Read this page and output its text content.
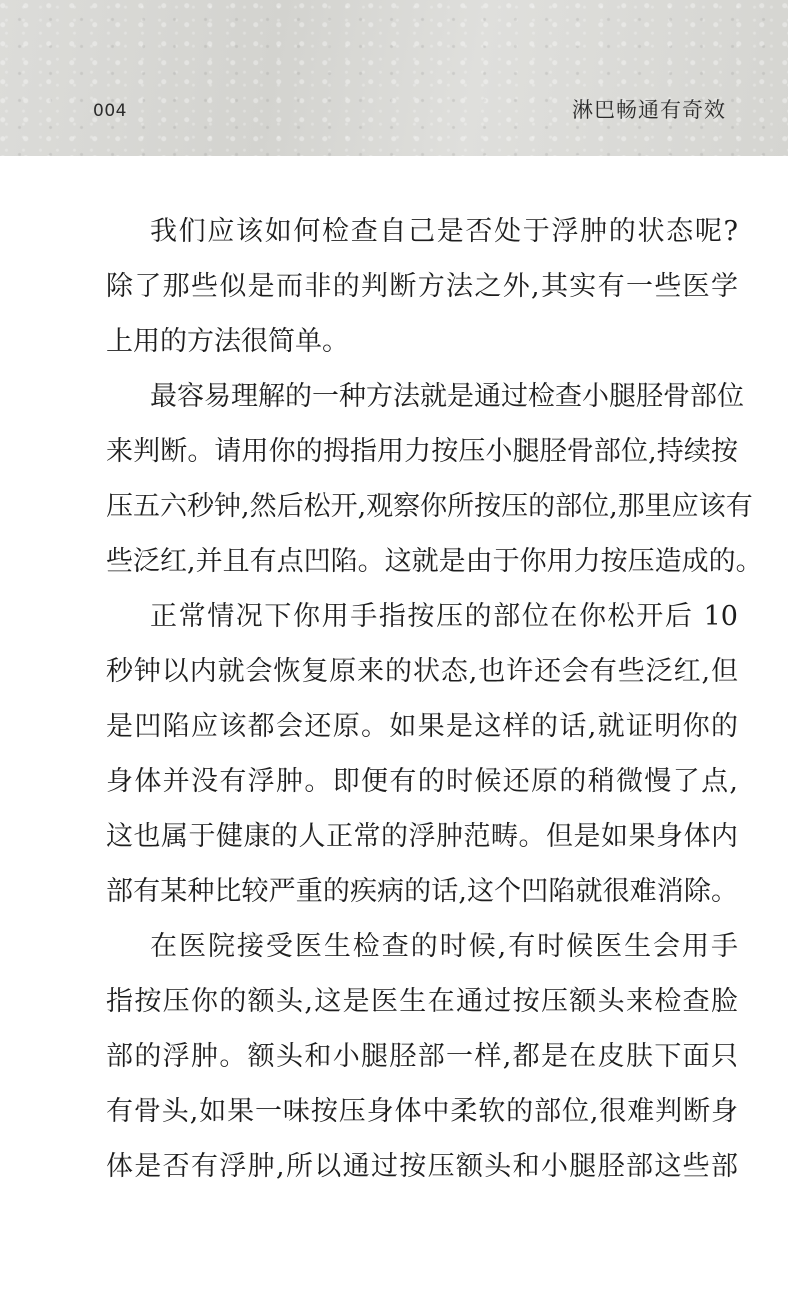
004	淋巴畅通有奇效
我们应该如何检查自己是否处于浮肿的状态呢?
除了那些似是而非的判断方法之外,其实有一些医学
上用的方法很简单。
最容易理解的一种方法就是通过检查小腿胫骨部位
来判断。请用你的拇指用力按压小腿胫骨部位,持续按
压五六秒钟,然后松开,观察你所按压的部位,那里应该有
些泛红,并且有点凹陷。这就是由于你用力按压造成的。
正常情况下你用手指按压的部位在你松开后 10
秒钟以内就会恢复原来的状态,也许还会有些泛红,但
是凹陷应该都会还原。如果是这样的话,就证明你的
身体并没有浮肿。即便有的时候还原的稍微慢了点,
这也属于健康的人正常的浮肿范畴。但是如果身体内
部有某种比较严重的疾病的话,这个凹陷就很难消除。
在医院接受医生检查的时候,有时候医生会用手
指按压你的额头,这是医生在通过按压额头来检查脸
部的浮肿。额头和小腿胫部一样,都是在皮肤下面只
有骨头,如果一味按压身体中柔软的部位,很难判断身
体是否有浮肿,所以通过按压额头和小腿胫部这些部
